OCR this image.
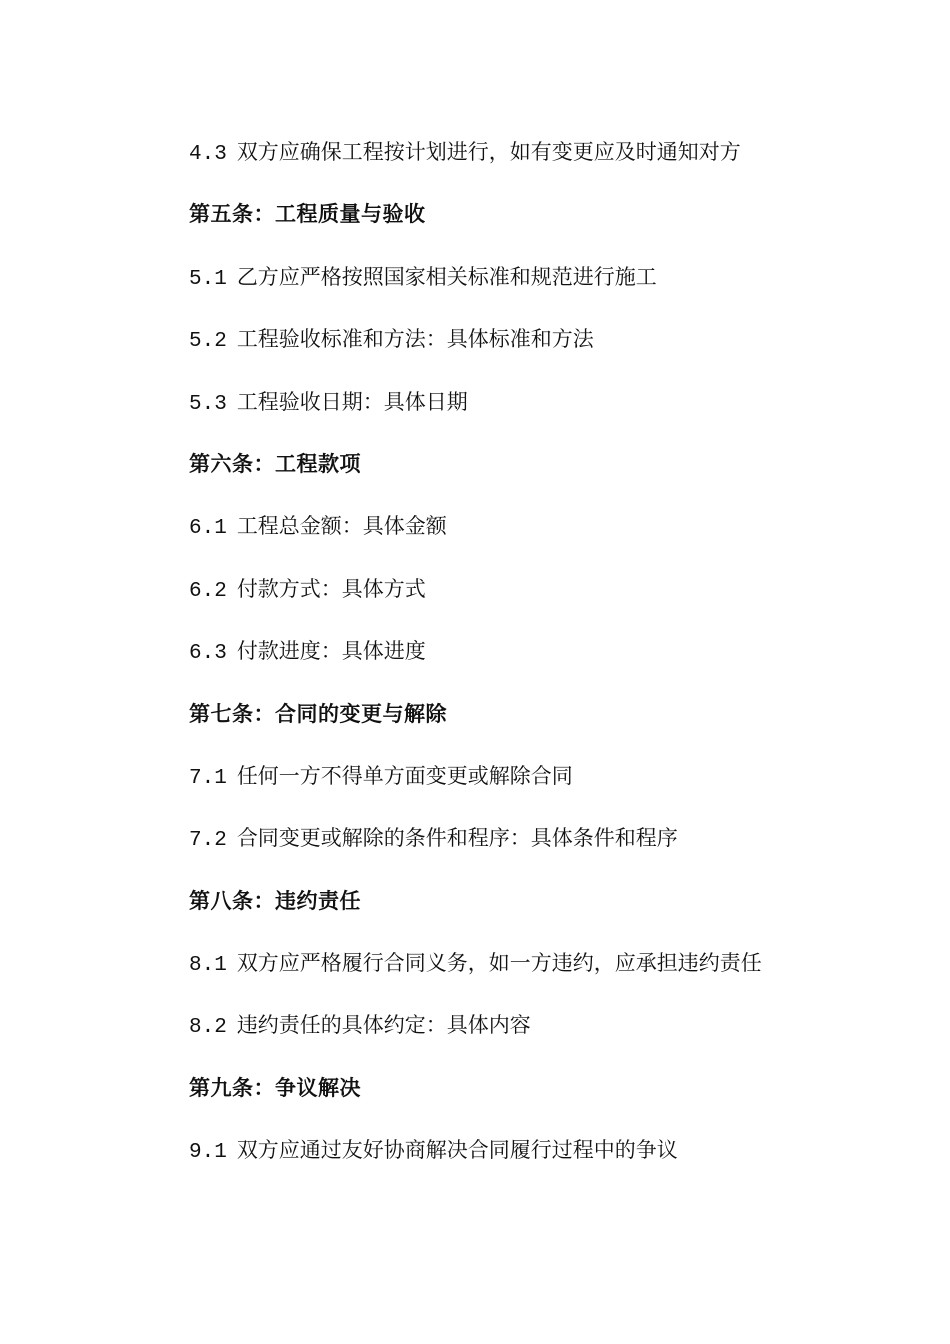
4.3 双方应确保工程按计划进行，如有变更应及时通知对方
第五条：工程质量与验收
5.1 乙方应严格按照国家相关标准和规范进行施工
5.2 工程验收标准和方法：具体标准和方法
5.3 工程验收日期：具体日期
第六条：工程款项
6.1 工程总金额：具体金额
6.2 付款方式：具体方式
6.3 付款进度：具体进度
第七条：合同的变更与解除
7.1 任何一方不得单方面变更或解除合同
7.2 合同变更或解除的条件和程序：具体条件和程序
第八条：违约责任
8.1 双方应严格履行合同义务，如一方违约，应承担违约责任
8.2 违约责任的具体约定：具体内容
第九条：争议解决
9.1 双方应通过友好协商解决合同履行过程中的争议
